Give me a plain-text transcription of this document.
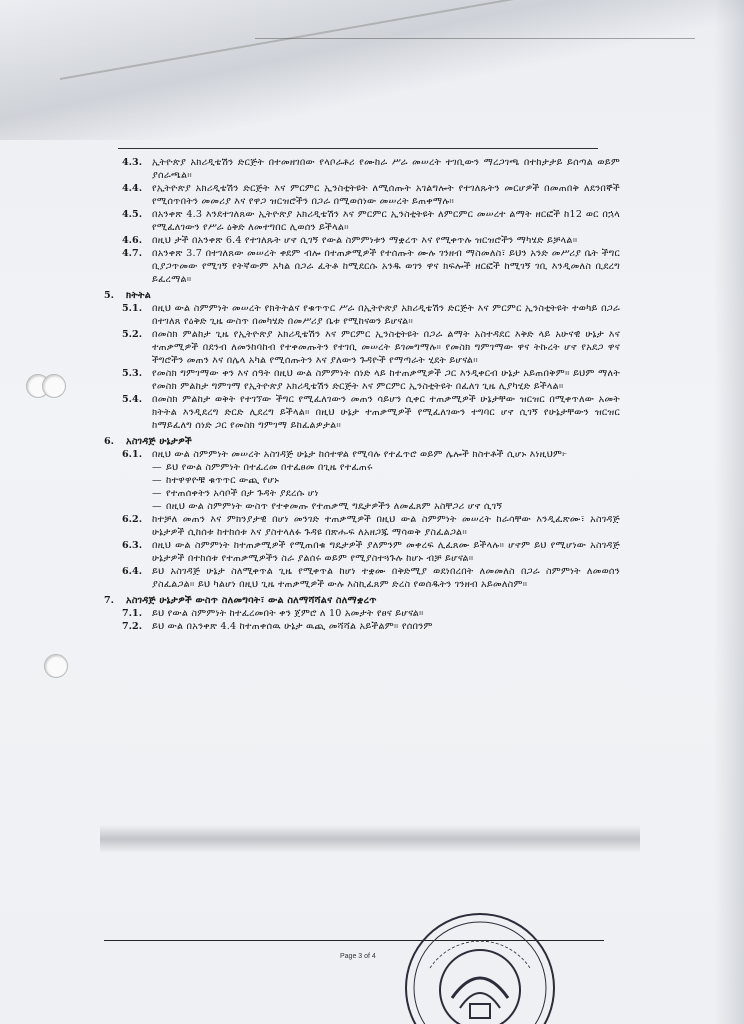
4.3.	ኢትዮጵያ አክሪዲቴሽን ድርጅት በተመዘገበው የላቦራቶሪ የሙከራ ሥራ መሠረት ተገቢውን ማረጋገጫ በተከታታይ ይሰጣል ወይም ያሰራጫል።
4.4.	የኢትዮጵያ አክሪዲቴሽን ድርጅት እና ምርምር ኢንስቲትዩት ለሚሰጡት አገልግሎት የተገለጹትን መርሆዎች በመጠበቅ ለደንበኞች የሚሰጥበትን መመሪያ እና የዋጋ ዝርዝሮችን በጋራ በሚወሰነው መሠረት ይጠቀማሉ።
4.5.	በአንቀጽ 4.3 እንደተገለጸው ኢትዮጵያ አክሪዲቴሽን እና ምርምር ኢንስቲትዩት ለምርምር መሠረተ ልማት ዘርፎች ከ12 ወር በኋላ የሚፈለገውን የሥራ ዕቅድ ለመተግበር ሊወሰን ይችላል።
4.6.	በዚህ ታች በአንቀጽ 6.4 የተገለጹት ሆኖ ሲገኝ የውል ስምምነቱን ማቋረጥ እና የሚቀጥሉ ዝርዝሮችን ማካሄድ ይቻላል።
4.7.	በአንቀጽ 3.7 በተገለጸው መሠረት ቀደም ብሎ በተጠቃሚዎች የተሰጡት ሙሉ ገንዘብ ማስመለስ፣ ይህን አንድ መሥሪያ ቤት ችግር ቢያጋጥመው የሚገኝ የትኛውም አካል በጋራ ፈትቶ ከሚደርሱ አንዱ ወገን ዋና ክፍሎች ዘርፎች ከሚገኝ ገቢ እንዲመለስ ቢደረግ ይፈረማል።
5.	ክትትል
5.1.	በዚህ ውል ስምምነት መሠረት የክትትልና የቁጥጥር ሥራ በኢትዮጵያ አክሪዲቴሽን ድርጅት እና ምርምር ኢንስቲትዩት ተወካይ በጋራ በተገለጸ የዕቅድ ጊዜ ውስጥ በመካሄድ በመሥሪያ ቤቱ የሚከናወን ይሆናል።
5.2.	በመስክ ምልከታ ጊዜ የኢትዮጵያ አክሪዲቴሽን እና ምርምር ኢንስቲትዩት በጋራ ልማት አስተዳደር እቅድ ላይ አሁናዊ ሁኔታ እና ተጠቃሚዎች በደንብ ለመንከባከብ የተቀመጡትን የተገቢ መሠረት ይገመግማሉ። የመስክ ግምገማው ዋና ትኩረት ሆኖ የአደጋ ዋና ችግሮችን መጠን እና በሌላ አካል የሚሰጡትን እና ያለውን ጉዳዮች የማጣራት ሂደት ይሆናል።
5.3.	የመስክ ግምገማው ቀን እና ሰዓት በዚህ ውል ስምምነት ሰነድ ላይ ከተጠቃሚዎች ጋር እንዲቀርብ ሁኔታ አይጠበቅም። ይህም ማለት የመስክ ምልከታ ግምገማ የኢትዮጵያ አክሪዲቴሽን ድርጅት እና ምርምር ኢንስቲትዩት በፈለገ ጊዜ ሊያካሂድ ይችላል።
5.4.	በመስክ ምልከታ ወቅት የተገኘው ችግር የሚፈለገውን መጠን ሳይሆን ሲቀር ተጠቃሚዎች ሁኔታቸው ዝርዝር በሚቀጥለው አመት ክትትል እንዲደረግ ድርድ ሊደረግ ይችላል። በዚህ ሁኔታ ተጠቃሚዎች የሚፈለገውን ተግባር ሆኖ ሲገኝ የሁኔታቸውን ዝርዝር ከማይፈለግ ሰነድ ጋር የመስክ ግምገማ ይከፈልዎታል።
6.	አስገዳጅ ሁኔታዎች
6.1.	በዚህ ውል ስምምነት መሠረት አስገዳጅ ሁኔታ ከሰተዋል የሚባሉ የተፈጥሮ ወይም ሌሎች ክስተቶች ሲሆኑ እነዚህም፦
— ይህ የውል ስምምነት በተፈረመ በተፈፀመ በጊዜ የተፈጠሩ
— ከተዋዋዮቹ ቁጥጥር ውጪ የሆኑ
— የተጠሰቀትን አሳቦች በታ ጉዳት ያደረሱ ሆነ
— በዚህ ውል ስምምነት ውስጥ የተቀመጡ የተጠቃሚ ግዴታዎችን ለመፈጸም አስቸጋሪ ሆኖ ሲገኝ
6.2.	ከተቻለ መጠን እና ምክንያታዊ በሆነ መንገድ ተጠቃሚዎች በዚህ ውል ስምምነት መሠረት ከራሳቸው እንዲፈጽሙ፣ አስገዳጅ ሁኔታዎች ሲከሰቱ ከተከሰቱ እና ያስተላለፉ ጉዳዩ በጽሑፍ ለአዘጋጁ ማሳወቅ ያስፈልጋል።
6.3.	በዚህ ውል ስምምነት ከተጠቃሚዎች የሚጠበቁ ግዴታዎች ያለምንም መቀረፍ ሊፈጸሙ ይችላሉ። ሆኖም ይህ የሚሆነው አስገዳጅ ሁኔታዎች በተከሰቱ የተጠቃሚዎችን ስራ ያልሰሩ ወይም የሚያስተጓጉሉ ከሆኑ ብቻ ይሆናል።
6.4.	ይህ አስገዳጅ ሁኔታ ስለሚቀጥል ጊዜ የሚቀጥል ከሆነ ተቋሙ በቅድሚያ ወደነበረበት ለመመለስ በጋራ ስምምነት ለመወሰን ያስፈልጋል። ይህ ካልሆነ በዚህ ጊዜ ተጠቃሚዎች ውሉ እስኪፈጸም ድረስ የወሰዱትን ገንዘብ አይመለስም።
7.	አስገዳጅ ሁኔታዎች ውስጥ ስለመግባት፣ ውል ስለማሻሻልና ስለማቋረጥ
7.1.	ይህ የውል ስምምነት ከተፈረመበት ቀን ጀምሮ ለ 10 አመታት የፀና ይሆናል።
7.2.	ይህ ውል በአንቀጽ 4.4 ከተጠቀሰዉ ሁኔታ ዉጪ መሻሻል አይችልም። የሰበንም
Page 3 of 4
